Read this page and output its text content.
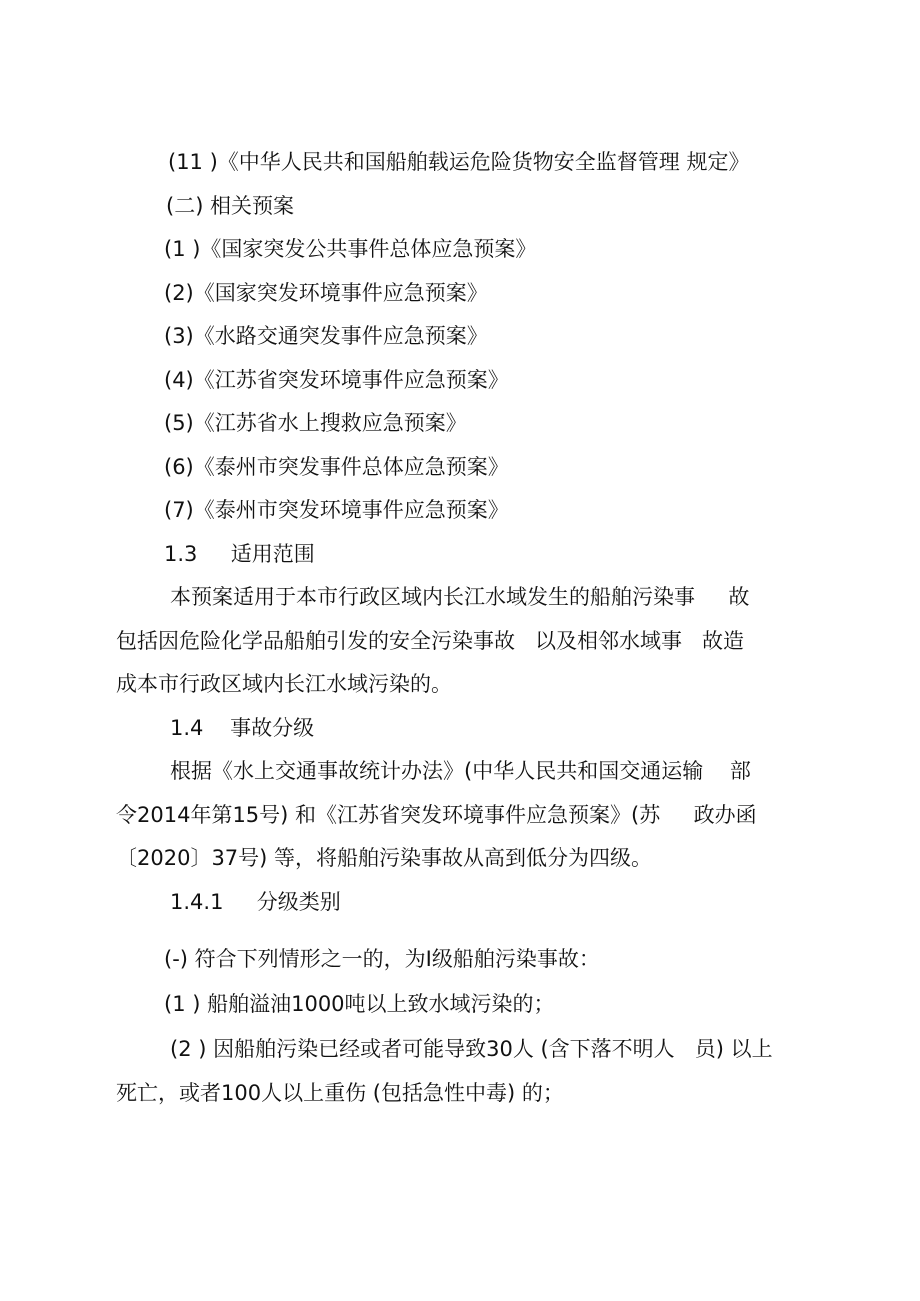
(11 )《中华人民共和国船舶载运危险货物安全监督管理 规定》
(二) 相关预案
(1 )《国家突发公共事件总体应急预案》
(2)《国家突发环境事件应急预案》
(3)《水路交通突发事件应急预案》
(4)《江苏省突发环境事件应急预案》
(5)《江苏省水上搜救应急预案》
(6)《泰州市突发事件总体应急预案》
(7)《泰州市突发环境事件应急预案》
1.3     适用范围
本预案适用于本市行政区域内长江水域发生的船舶污染事     故
包括因危险化学品船舶引发的安全污染事故   以及相邻水域事   故造
成本市行政区域内长江水域污染的。
1.4    事故分级
根据《水上交通事故统计办法》(中华人民共和国交通运输    部
令2014年第15号) 和《江苏省突发环境事件应急预案》(苏     政办函
〔2020〕37号) 等，将船舶污染事故从高到低分为四级。
1.4.1     分级类别
(-) 符合下列情形之一的，为I级船舶污染事故：
(1 ) 船舶溢油1000吨以上致水域污染的；
(2 ) 因船舶污染已经或者可能导致30人 (含下落不明人   员) 以上
死亡，或者100人以上重伤 (包括急性中毒) 的；
